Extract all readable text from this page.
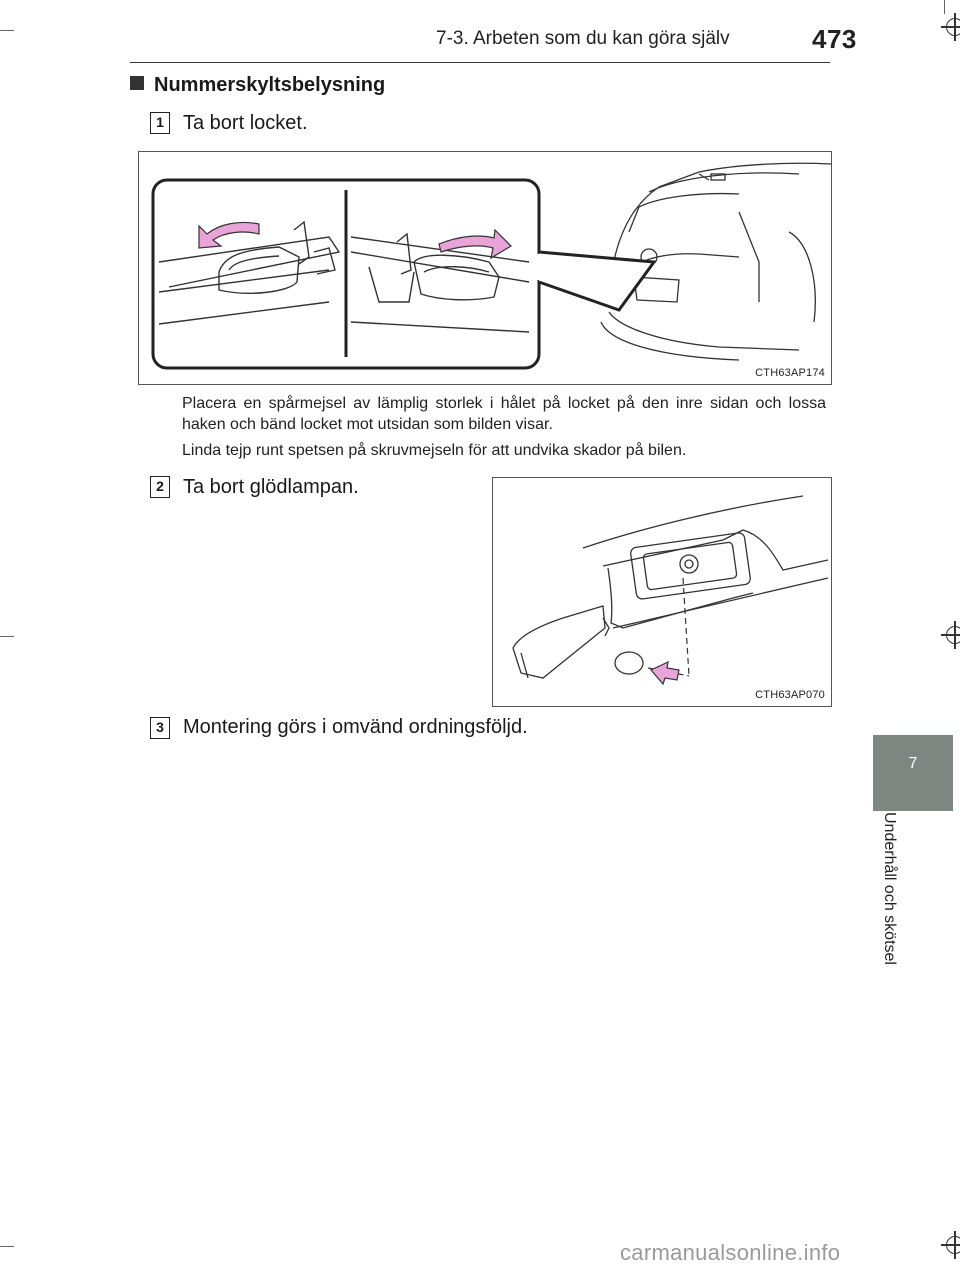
7-3. Arbeten som du kan göra själv	473
Nummerskyltsbelysning
1 Ta bort locket.
CTH63AP174
Placera en spårmejsel av lämplig storlek i hålet på locket på den inre sidan och lossa haken och bänd locket mot utsidan som bilden visar.
Linda tejp runt spetsen på skruvmejseln för att undvika skador på bilen.
2 Ta bort glödlampan.
CTH63AP070
3 Montering görs i omvänd ordningsföljd.
7
Underhåll och skötsel
carmanualsonline.info
